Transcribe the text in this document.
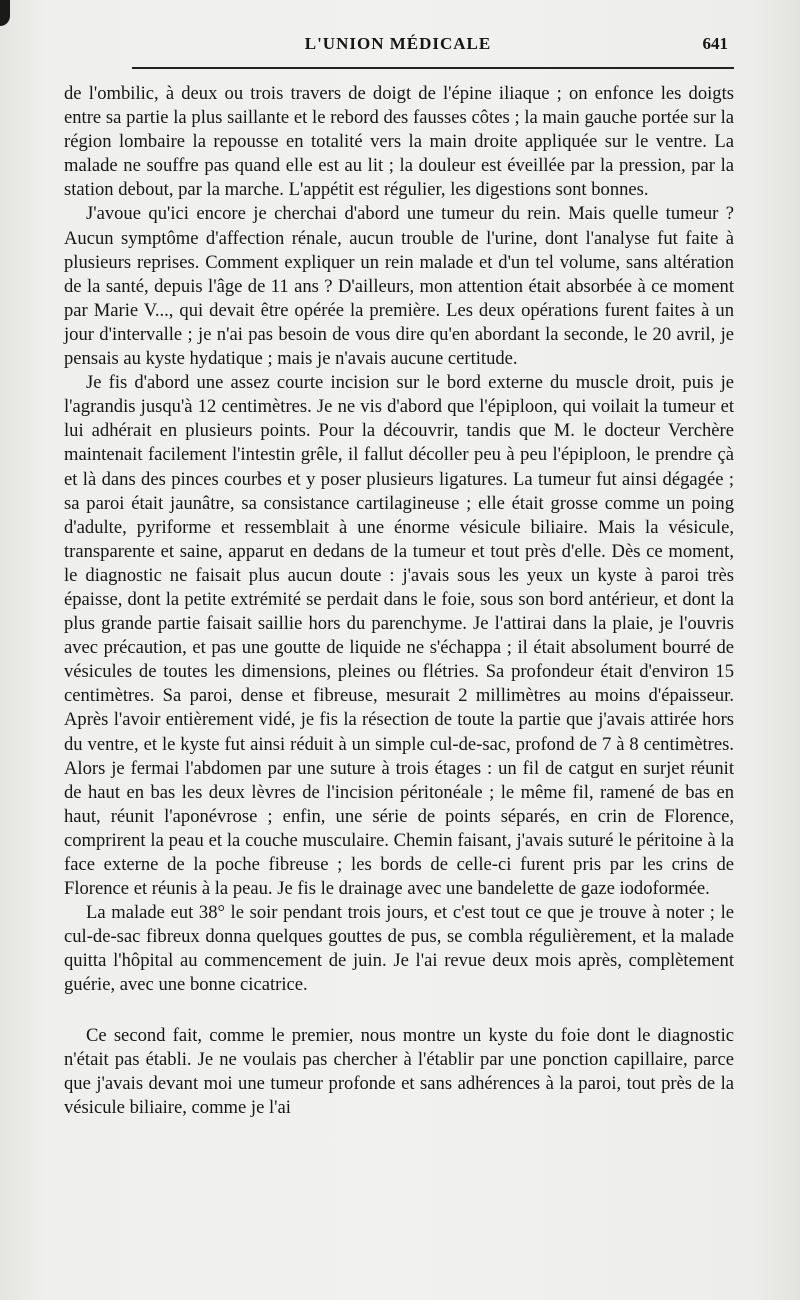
L'UNION MÉDICALE	641

de l'ombilic, à deux ou trois travers de doigt de l'épine iliaque ; on enfonce les doigts entre sa partie la plus saillante et le rebord des fausses côtes ; la main gauche portée sur la région lombaire la repousse en totalité vers la main droite appliquée sur le ventre. La malade ne souffre pas quand elle est au lit ; la douleur est éveillée par la pression, par la station debout, par la marche. L'appétit est régulier, les digestions sont bonnes.

J'avoue qu'ici encore je cherchai d'abord une tumeur du rein. Mais quelle tumeur ? Aucun symptôme d'affection rénale, aucun trouble de l'urine, dont l'analyse fut faite à plusieurs reprises. Comment expliquer un rein malade et d'un tel volume, sans altération de la santé, depuis l'âge de 11 ans ? D'ailleurs, mon attention était absorbée à ce moment par Marie V..., qui devait être opérée la première. Les deux opérations furent faites à un jour d'intervalle ; je n'ai pas besoin de vous dire qu'en abordant la seconde, le 20 avril, je pensais au kyste hydatique ; mais je n'avais aucune certitude.

Je fis d'abord une assez courte incision sur le bord externe du muscle droit, puis je l'agrandis jusqu'à 12 centimètres. Je ne vis d'abord que l'épiploon, qui voilait la tumeur et lui adhérait en plusieurs points. Pour la découvrir, tandis que M. le docteur Verchère maintenait facilement l'intestin grêle, il fallut décoller peu à peu l'épiploon, le prendre çà et là dans des pinces courbes et y poser plusieurs ligatures. La tumeur fut ainsi dégagée ; sa paroi était jaunâtre, sa consistance cartilagineuse ; elle était grosse comme un poing d'adulte, pyriforme et ressemblait à une énorme vésicule biliaire. Mais la vésicule, transparente et saine, apparut en dedans de la tumeur et tout près d'elle. Dès ce moment, le diagnostic ne faisait plus aucun doute : j'avais sous les yeux un kyste à paroi très épaisse, dont la petite extrémité se perdait dans le foie, sous son bord antérieur, et dont la plus grande partie faisait saillie hors du parenchyme. Je l'attirai dans la plaie, je l'ouvris avec précaution, et pas une goutte de liquide ne s'échappa ; il était absolument bourré de vésicules de toutes les dimensions, pleines ou flétries. Sa profondeur était d'environ 15 centimètres. Sa paroi, dense et fibreuse, mesurait 2 millimètres au moins d'épaisseur. Après l'avoir entièrement vidé, je fis la résection de toute la partie que j'avais attirée hors du ventre, et le kyste fut ainsi réduit à un simple cul-de-sac, profond de 7 à 8 centimètres. Alors je fermai l'abdomen par une suture à trois étages : un fil de catgut en surjet réunit de haut en bas les deux lèvres de l'incision péritonéale ; le même fil, ramené de bas en haut, réunit l'aponévrose ; enfin, une série de points séparés, en crin de Florence, comprirent la peau et la couche musculaire. Chemin faisant, j'avais suturé le péritoine à la face externe de la poche fibreuse ; les bords de celle-ci furent pris par les crins de Florence et réunis à la peau. Je fis le drainage avec une bandelette de gaze iodoformée.

La malade eut 38° le soir pendant trois jours, et c'est tout ce que je trouve à noter ; le cul-de-sac fibreux donna quelques gouttes de pus, se combla régulièrement, et la malade quitta l'hôpital au commencement de juin. Je l'ai revue deux mois après, complètement guérie, avec une bonne cicatrice.

Ce second fait, comme le premier, nous montre un kyste du foie dont le diagnostic n'était pas établi. Je ne voulais pas chercher à l'établir par une ponction capillaire, parce que j'avais devant moi une tumeur profonde et sans adhérences à la paroi, tout près de la vésicule biliaire, comme je l'ai
